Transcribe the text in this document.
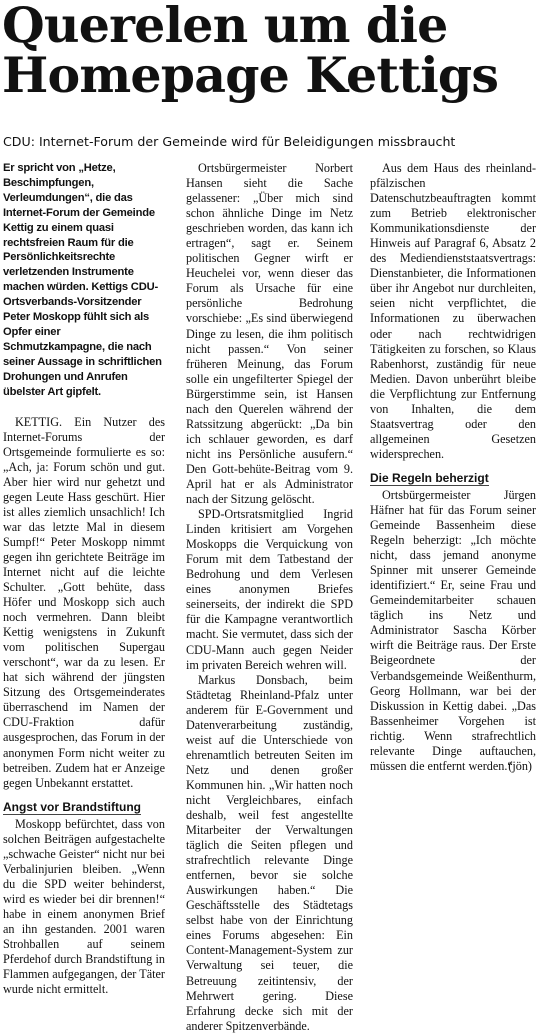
Querelen um die
Homepage Kettigs
CDU: Internet-Forum der Gemeinde wird für Beleidigungen missbraucht

Er spricht von „Hetze, Beschimpfungen, Verleumdungen“, die das Internet-Forum der Gemeinde Kettig zu einem quasi rechtsfreien Raum für die Persönlichkeitsrechte verletzenden Instrumente machen würden. Kettigs CDU-Ortsverbands-Vorsitzender Peter Moskopp fühlt sich als Opfer einer Schmutzkampagne, die nach seiner Aussage in schriftlichen Drohungen und Anrufen übelster Art gipfelt.

KETTIG. Ein Nutzer des Internet-Forums der Ortsgemeinde formulierte es so: „Ach, ja: Forum schön und gut. Aber hier wird nur gehetzt und gegen Leute Hass geschürt. Hier ist alles ziemlich unsachlich! Ich war das letzte Mal in diesem Sumpf!“ Peter Moskopp nimmt gegen ihn gerichtete Beiträge im Internet nicht auf die leichte Schulter. „Gott behüte, dass Höfer und Moskopp sich auch noch vermehren. Dann bleibt Kettig wenigstens in Zukunft vom politischen Supergau verschont“, war da zu lesen. Er hat sich während der jüngsten Sitzung des Ortsgemeinderates überraschend im Namen der CDU-Fraktion dafür ausgesprochen, das Forum in der anonymen Form nicht weiter zu betreiben. Zudem hat er Anzeige gegen Unbekannt erstattet.

Angst vor Brandstiftung

Moskopp befürchtet, dass von solchen Beiträgen aufgestachelte „schwache Geister“ nicht nur bei Verbalinjurien bleiben. „Wenn du die SPD weiter behinderst, wird es wieder bei dir brennen!“ habe in einem anonymen Brief an ihn gestanden. 2001 waren Strohballen auf seinem Pferdehof durch Brandstiftung in Flammen aufgegangen, der Täter wurde nicht ermittelt.

Ortsbürgermeister Norbert Hansen sieht die Sache gelassener: „Über mich sind schon ähnliche Dinge im Netz geschrieben worden, das kann ich ertragen“, sagt er. Seinem politischen Gegner wirft er Heuchelei vor, wenn dieser das Forum als Ursache für eine persönliche Bedrohung vorschiebe: „Es sind überwiegend Dinge zu lesen, die ihm politisch nicht passen.“ Von seiner früheren Meinung, das Forum solle ein ungefilterter Spiegel der Bürgerstimme sein, ist Hansen nach den Querelen während der Ratssitzung abgerückt: „Da bin ich schlauer geworden, es darf nicht ins Persönliche ausufern.“ Den Gott-behüte-Beitrag vom 9. April hat er als Administrator nach der Sitzung gelöscht.

SPD-Ortsratsmitglied Ingrid Linden kritisiert am Vorgehen Moskopps die Verquickung von Forum mit dem Tatbestand der Bedrohung und dem Verlesen eines anonymen Briefes seinerseits, der indirekt die SPD für die Kampagne verantwortlich macht. Sie vermutet, dass sich der CDU-Mann auch gegen Neider im privaten Bereich wehren will.

Markus Donsbach, beim Städtetag Rheinland-Pfalz unter anderem für E-Government und Datenverarbeitung zuständig, weist auf die Unterschiede von ehrenamtlich betreuten Seiten im Netz und denen großer Kommunen hin. „Wir hatten noch nicht Vergleichbares, einfach deshalb, weil fest angestellte Mitarbeiter der Verwaltungen täglich die Seiten pflegen und strafrechtlich relevante Dinge entfernen, bevor sie solche Auswirkungen haben.“ Die Geschäftsstelle des Städtetags selbst habe von der Einrichtung eines Forums abgesehen: Ein Content-Management-System zur Verwaltung sei teuer, die Betreuung zeitintensiv, der Mehrwert gering. Diese Erfahrung decke sich mit der anderer Spitzenverbände.

Aus dem Haus des rheinland-pfälzischen Datenschutzbeauftragten kommt zum Betrieb elektronischer Kommunikationsdienste der Hinweis auf Paragraf 6, Absatz 2 des Mediendienststaatsvertrags: Dienstanbieter, die Informationen über ihr Angebot nur durchleiten, seien nicht verpflichtet, die Informationen zu überwachen oder nach rechtwidrigen Tätigkeiten zu forschen, so Klaus Rabenhorst, zuständig für neue Medien. Davon unberührt bleibe die Verpflichtung zur Entfernung von Inhalten, die dem Staatsvertrag oder den allgemeinen Gesetzen widersprechen.

Die Regeln beherzigt

Ortsbürgermeister Jürgen Häfner hat für das Forum seiner Gemeinde Bassenheim diese Regeln beherzigt: „Ich möchte nicht, dass jemand anonyme Spinner mit unserer Gemeinde identifiziert.“ Er, seine Frau und Gemeindemitarbeiter schauen täglich ins Netz und Administrator Sascha Körber wirft die Beiträge raus. Der Erste Beigeordnete der Verbandsgemeinde Weißenthurm, Georg Hollmann, war bei der Diskussion in Kettig dabei. „Das Bassenheimer Vorgehen ist richtig. Wenn strafrechtlich relevante Dinge auftauchen, müssen die entfernt werden.“
(jön)
